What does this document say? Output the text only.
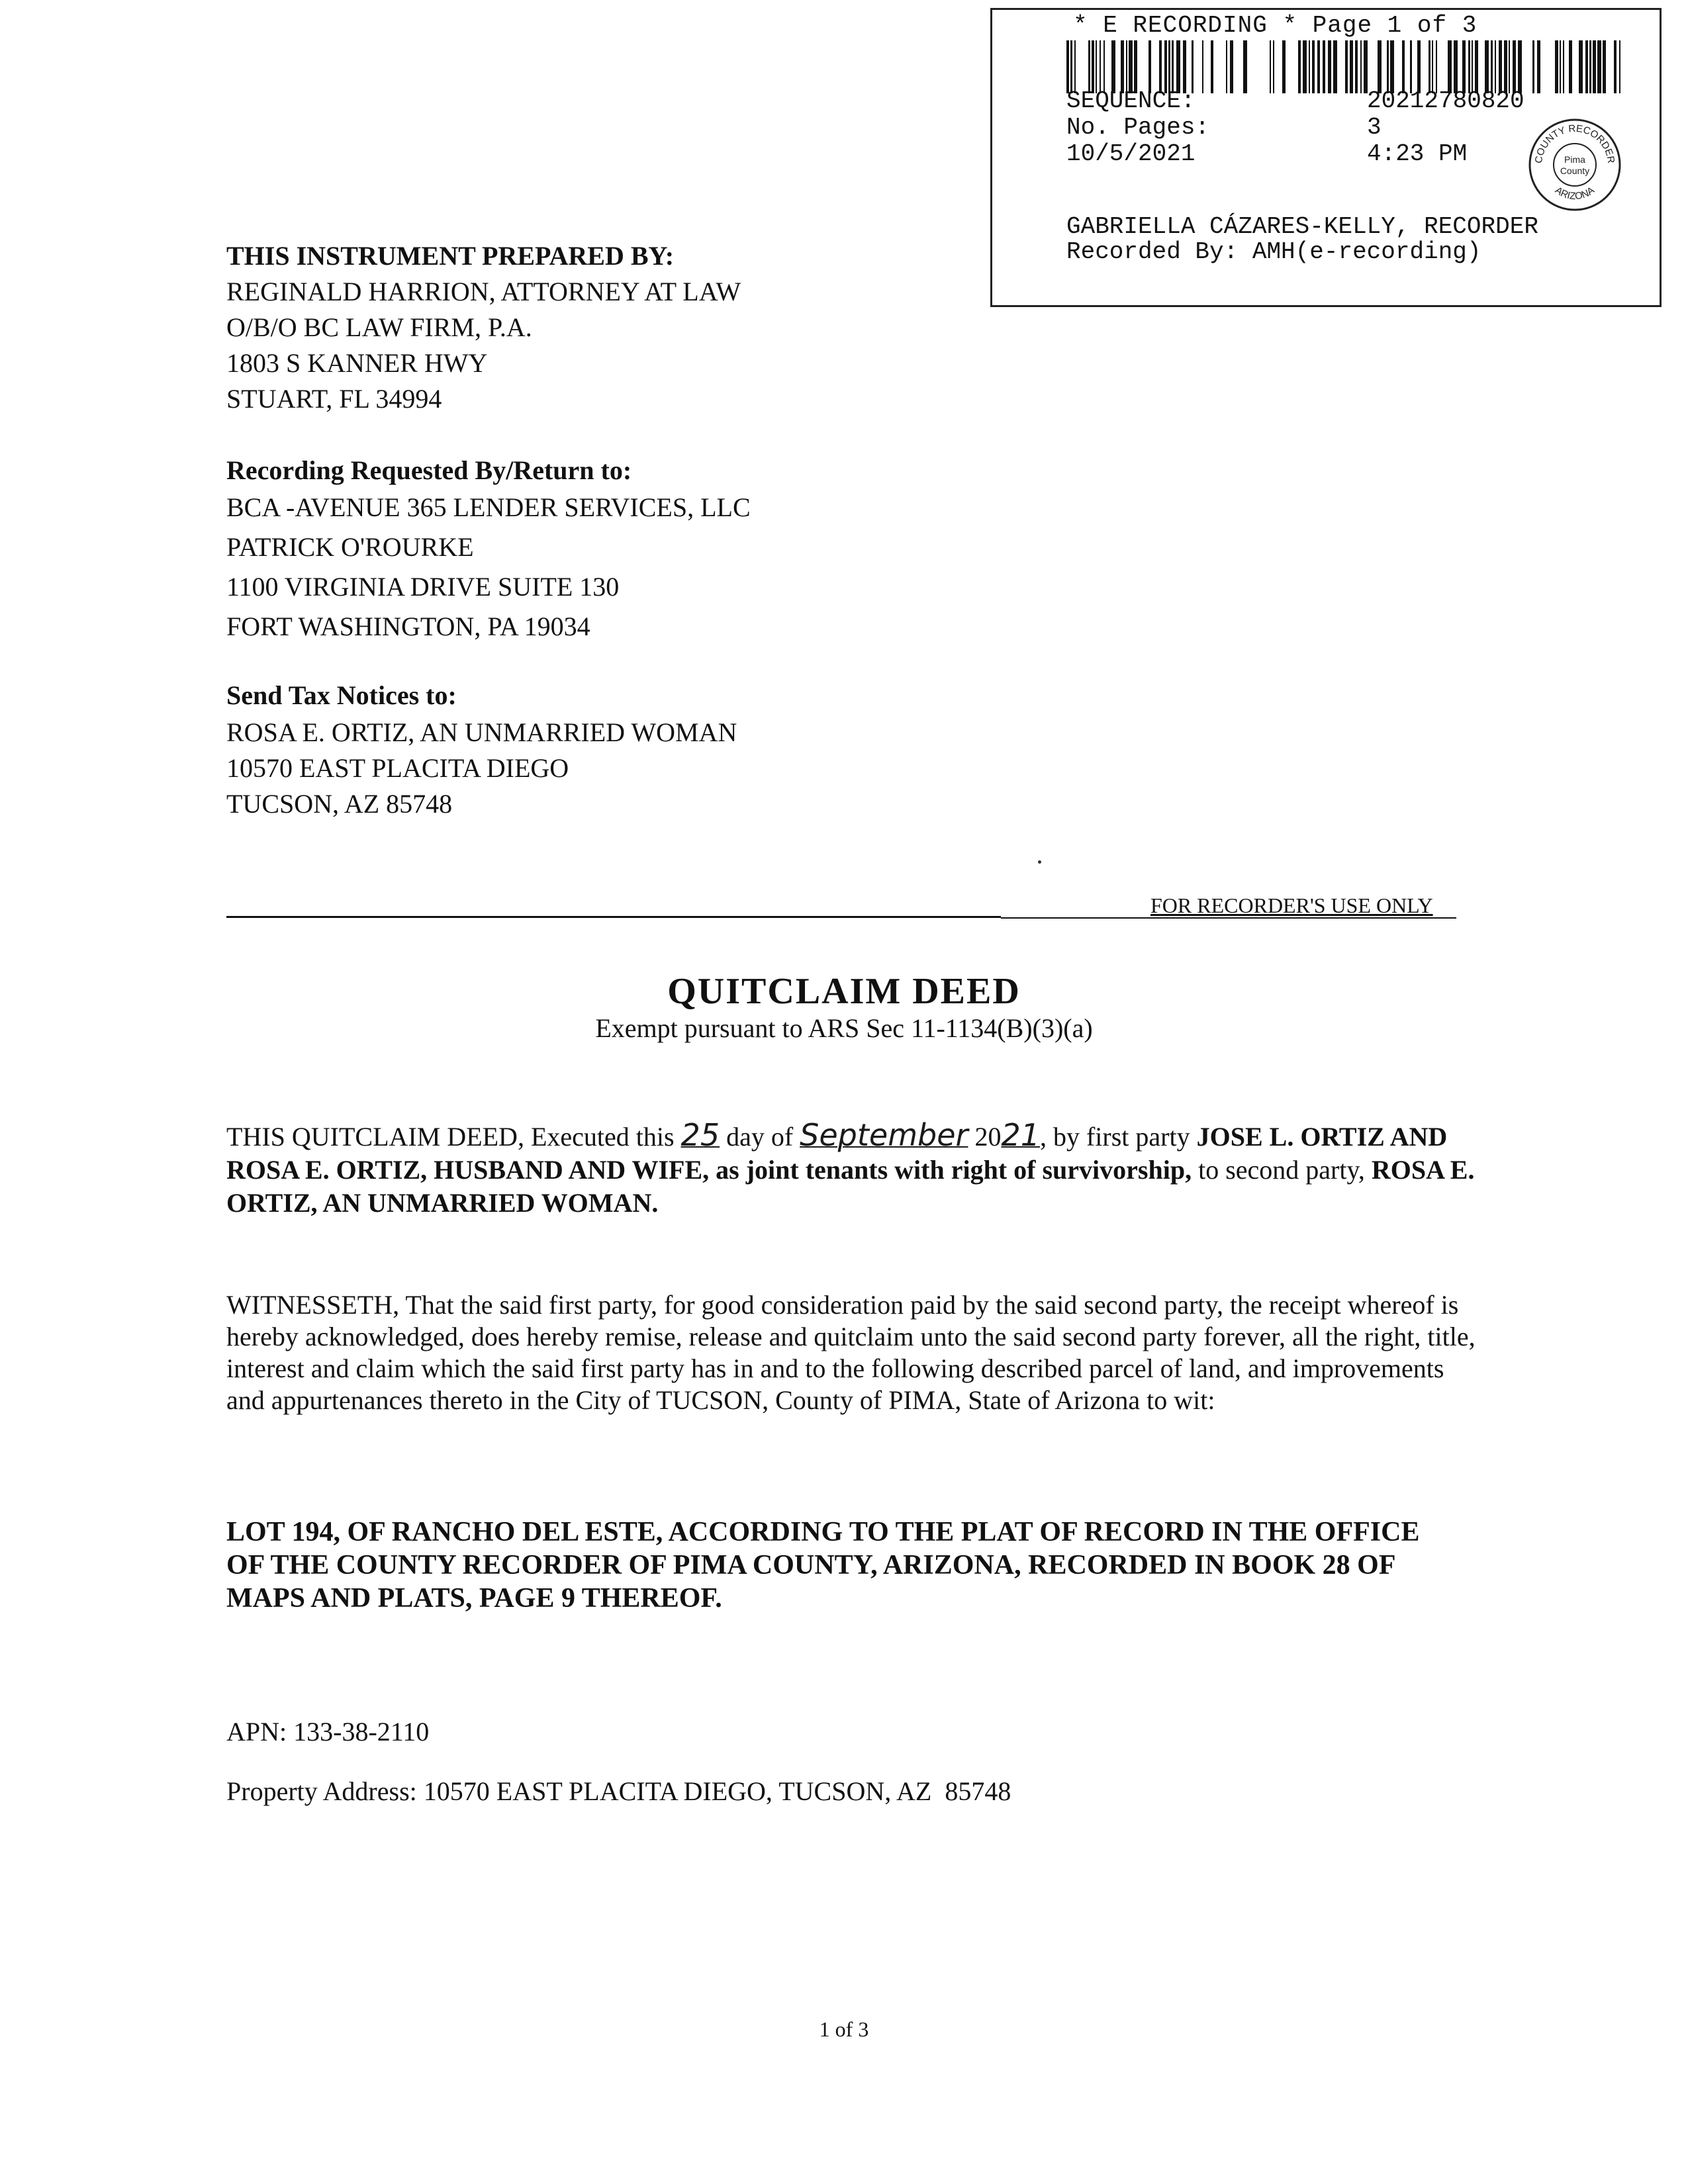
* E RECORDING * Page 1 of 3
SEQUENCE:	20212780820
No. Pages:	3
10/5/2021	4:23 PM	COUNTY RECORDER
ARIZONA
Pima
County
GABRIELLA CÁZARES-KELLY, RECORDER
Recorded By: AMH(e-recording)
THIS INSTRUMENT PREPARED BY:
REGINALD HARRION, ATTORNEY AT LAW
O/B/O BC LAW FIRM, P.A.
1803 S KANNER HWY
STUART, FL 34994
Recording Requested By/Return to:
BCA -AVENUE 365 LENDER SERVICES, LLC
PATRICK O'ROURKE
1100 VIRGINIA DRIVE SUITE 130
FORT WASHINGTON, PA 19034
Send Tax Notices to:
ROSA E. ORTIZ, AN UNMARRIED WOMAN
10570 EAST PLACITA DIEGO
TUCSON, AZ 85748
FOR RECORDER'S USE ONLY
QUITCLAIM DEED
Exempt pursuant to ARS Sec 11-1134(B)(3)(a)
THIS QUITCLAIM DEED, Executed this 25 day of September 2021, by first party JOSE L. ORTIZ AND ROSA E. ORTIZ, HUSBAND AND WIFE, as joint tenants with right of survivorship, to second party, ROSA E. ORTIZ, AN UNMARRIED WOMAN.
WITNESSETH, That the said first party, for good consideration paid by the said second party, the receipt whereof is hereby acknowledged, does hereby remise, release and quitclaim unto the said second party forever, all the right, title, interest and claim which the said first party has in and to the following described parcel of land, and improvements and appurtenances thereto in the City of TUCSON, County of PIMA, State of Arizona to wit:
LOT 194, OF RANCHO DEL ESTE, ACCORDING TO THE PLAT OF RECORD IN THE OFFICE OF THE COUNTY RECORDER OF PIMA COUNTY, ARIZONA, RECORDED IN BOOK 28 OF MAPS AND PLATS, PAGE 9 THEREOF.
APN: 133-38-2110
Property Address: 10570 EAST PLACITA DIEGO, TUCSON, AZ  85748
1 of 3
